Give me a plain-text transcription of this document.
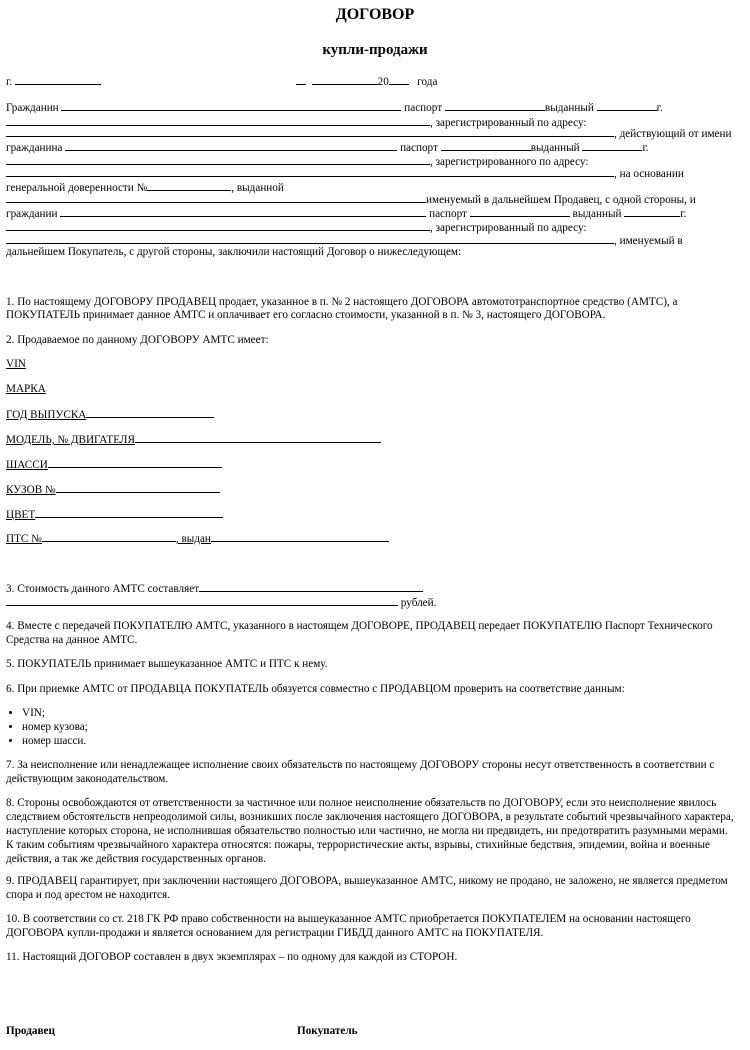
ДОГОВОР
купли-продажи
г.	20	года
Гражданин	паспорт	выданный	г.
, зарегистрированный по адресу:
, действующий от имени
гражданина	паспорт	выданный	г.
, зарегистрированного по адресу:
, на основании
генеральной доверенности №	, выданной
именуемый в дальнейшем Продавец, с одной стороны, и
граждании	паспорт	выданный	г.
, зарегистрированный по адресу:
, именуемый в
дальнейшем Покупатель, с другой стороны, заключили настоящий Договор о нижеследующем:
1. По настоящему ДОГОВОРУ ПРОДАВЕЦ продает, указанное в п. № 2 настоящего ДОГОВОРА автомототранспортное средство (АМТС), а
ПОКУПАТЕЛЬ принимает данное АМТС и оплачивает его согласно стоимости, указанной в п. № 3, настоящего ДОГОВОРА.
2. Продаваемое по данному ДОГОВОРУ АМТС имеет:
VIN
МАРКА
ГОД ВЫПУСКА
МОДЕЛЬ, № ДВИГАТЕЛЯ
ШАССИ
КУЗОВ №
ЦВЕТ
ПТС №	, выдан
3. Стоимость данного АМТС составляет
рублей.
4. Вместе с передачей ПОКУПАТЕЛЮ АМТС, указанного в настоящем ДОГОВОРЕ, ПРОДАВЕЦ передает ПОКУПАТЕЛЮ Паспорт Технического Средства на данное АМТС.
5. ПОКУПАТЕЛЬ принимает вышеуказанное АМТС и ПТС к нему.
6. При приемке АМТС от ПРОДАВЦА ПОКУПАТЕЛЬ обязуется совместно с ПРОДАВЦОМ проверить на соответствие данным:
• VIN;
• номер кузова;
• номер шасси.
7. За неисполнение или ненадлежащее исполнение своих обязательств по настоящему ДОГОВОРУ стороны несут ответственность в соответствии с действующим законодательством.
8. Стороны освобождаются от ответственности за частичное или полное неисполнение обязательств по ДОГОВОРУ, если это неисполнение явилось следствием обстоятельств непреодолимой силы, возникших после заключения настоящего ДОГОВОРА, в результате событий чрезвычайного характера, наступление которых сторона, не исполнившая обязательство полностью или частично, не могла ни предвидеть, ни предотвратить разумными мерами. К таким событиям чрезвычайного характера относятся: пожары, террористические акты, взрывы, стихийные бедствия, эпидемии, война и военные действия, а так же действия государственных органов.
9. ПРОДАВЕЦ гарантирует, при заключении настоящего ДОГОВОРА, вышеуказанное АМТС, никому не продано, не заложено, не является предметом спора и под арестом не находится.
10. В соответствии со ст. 218 ГК РФ право собственности на вышеуказанное АМТС приобретается ПОКУПАТЕЛЕМ на основании настоящего ДОГОВОРА купли-продажи и является основанием для регистрации ГИБДД данного АМТС на ПОКУПАТЕЛЯ.
11. Настоящий ДОГОВОР составлен в двух экземплярах – по одному для каждой из СТОРОН.
Продавец	Покупатель
